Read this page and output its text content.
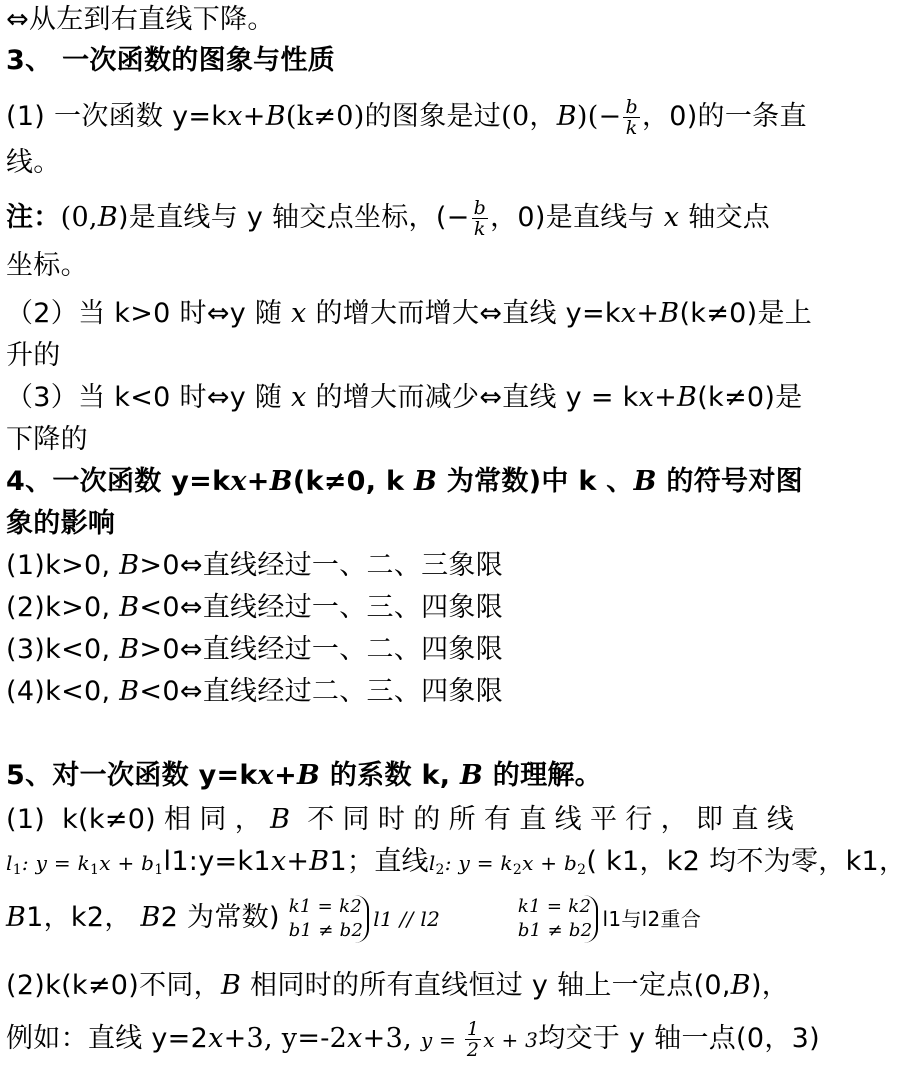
⇔从左到右直线下降。
3、 一次函数的图象与性质
(1) 一次函数 y=kx+B(k≠0)的图象是过(0，$B)(- \frac{b}{k}$ ，0)的一条直
线。
注：(0,B)是直线与 y 轴交点坐标，(− $\frac{b}{k}$ ，0)是直线与 x 轴交点
坐标。
（2）当 k>0 时⇔y 随 x 的增大而增大⇔直线 y=kx+B(k≠0)是上
升的
（3）当 k<0 时⇔y 随 x 的增大而减少⇔直线 y = kx+B(k≠0)是
下降的
4、一次函数 y=kx+B(k≠0, k B 为常数)中 k 、B 的符号对图
象的影响
(1)k>0, B>0⇔直线经过一、二、三象限
(2)k>0, B<0⇔直线经过一、三、四象限
(3)k<0, B>0⇔直线经过一、二、四象限
(4)k<0, B<0⇔直线经过二、三、四象限
5、对一次函数 y=kx+B 的系数 k, B 的理解。
(1) k(k≠0)相同，B 不同时的所有直线平行，即直线
$l_1$: $y = k_1x$ + $b_1l1:y=k1x+B1$；直线$l_2$: $y = k_2x + b_2$( k1，k2 均不为零，k1，
B1，k2， B2 为常数) k1 = k2
b1 ≠ b2 l1 // l2
k1 = k2
b1 ≠ b2 l1与l2重合
(2)k(k≠0)不同，B 相同时的所有直线恒过 y 轴上一定点(0,B)，
例如：直线 y=2x+3, y=-2x+3, $y = \frac{1}{2}$ x + 3均交于 y 轴一点(0，3)
